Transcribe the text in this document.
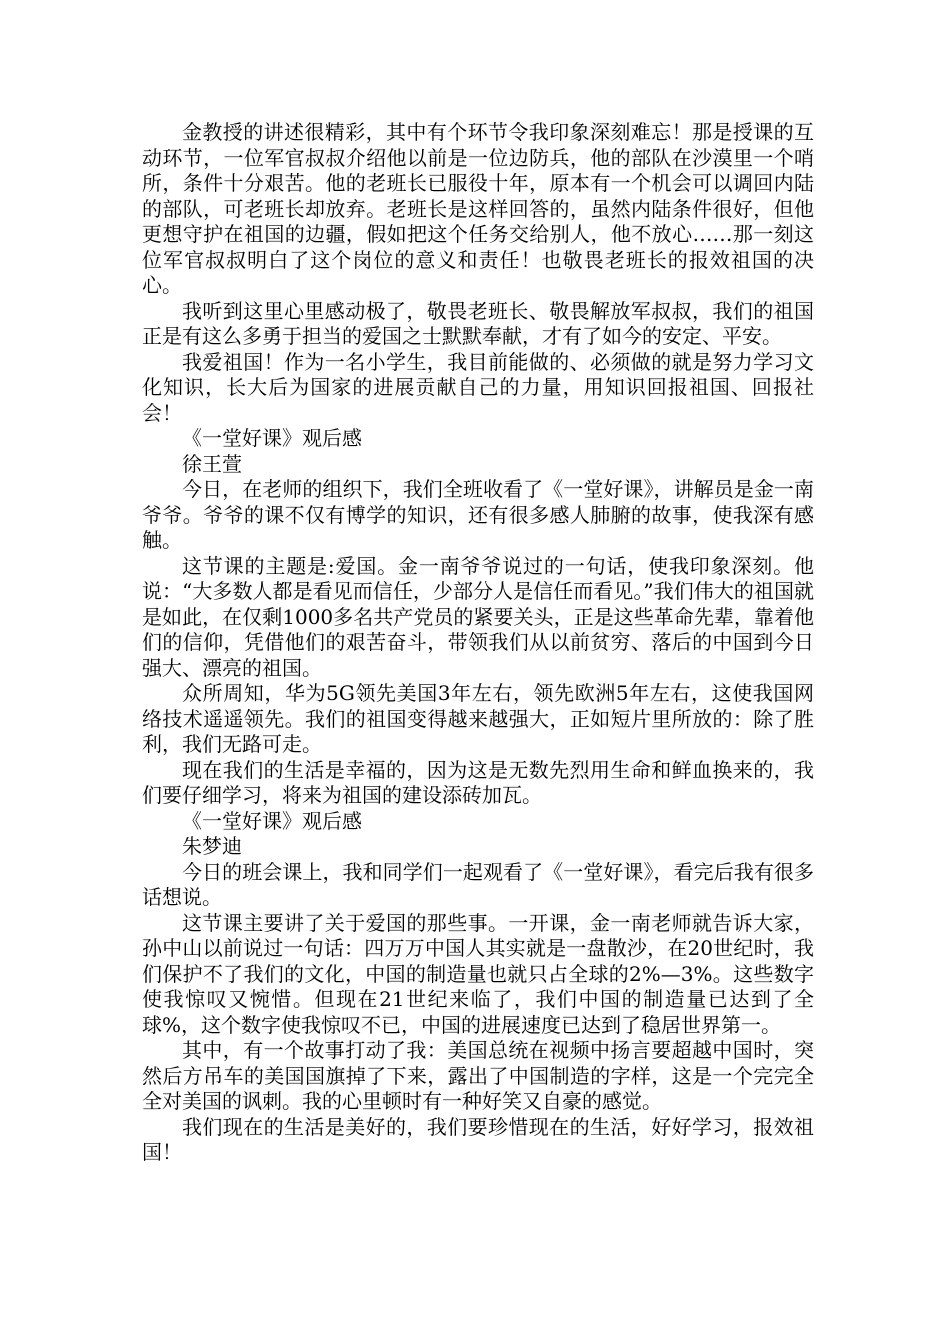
金教授的讲述很精彩，其中有个环节令我印象深刻难忘！那是授课的互动环节，一位军官叔叔介绍他以前是一位边防兵，他的部队在沙漠里一个哨所，条件十分艰苦。他的老班长已服役十年，原本有一个机会可以调回内陆的部队，可老班长却放弃。老班长是这样回答的，虽然内陆条件很好，但他更想守护在祖国的边疆，假如把这个任务交给别人，他不放心……那一刻这位军官叔叔明白了这个岗位的意义和责任！也敬畏老班长的报效祖国的决心。

我听到这里心里感动极了，敬畏老班长、敬畏解放军叔叔，我们的祖国正是有这么多勇于担当的爱国之士默默奉献，才有了如今的安定、平安。

我爱祖国！作为一名小学生，我目前能做的、必须做的就是努力学习文化知识，长大后为国家的进展贡献自己的力量，用知识回报祖国、回报社会！

《一堂好课》观后感

徐王萱

今日，在老师的组织下，我们全班收看了《一堂好课》，讲解员是金一南爷爷。爷爷的课不仅有博学的知识，还有很多感人肺腑的故事，使我深有感触。

这节课的主题是:爱国。金一南爷爷说过的一句话，使我印象深刻。他说：“大多数人都是看见而信任，少部分人是信任而看见。”我们伟大的祖国就是如此，在仅剩1000多名共产党员的紧要关头，正是这些革命先辈，靠着他们的信仰，凭借他们的艰苦奋斗，带领我们从以前贫穷、落后的中国到今日强大、漂亮的祖国。

众所周知，华为5G领先美国3年左右，领先欧洲5年左右，这使我国网络技术遥遥领先。我们的祖国变得越来越强大，正如短片里所放的：除了胜利，我们无路可走。

现在我们的生活是幸福的，因为这是无数先烈用生命和鲜血换来的，我们要仔细学习，将来为祖国的建设添砖加瓦。

《一堂好课》观后感

朱梦迪

今日的班会课上，我和同学们一起观看了《一堂好课》，看完后我有很多话想说。

这节课主要讲了关于爱国的那些事。一开课，金一南老师就告诉大家，孙中山以前说过一句话：四万万中国人其实就是一盘散沙，在20世纪时，我们保护不了我们的文化，中国的制造量也就只占全球的2%—3%。这些数字使我惊叹又惋惜。但现在21世纪来临了，我们中国的制造量已达到了全球%，这个数字使我惊叹不已，中国的进展速度已达到了稳居世界第一。

其中，有一个故事打动了我：美国总统在视频中扬言要超越中国时，突然后方吊车的美国国旗掉了下来，露出了中国制造的字样，这是一个完完全全对美国的讽刺。我的心里顿时有一种好笑又自豪的感觉。

我们现在的生活是美好的，我们要珍惜现在的生活，好好学习，报效祖国！
